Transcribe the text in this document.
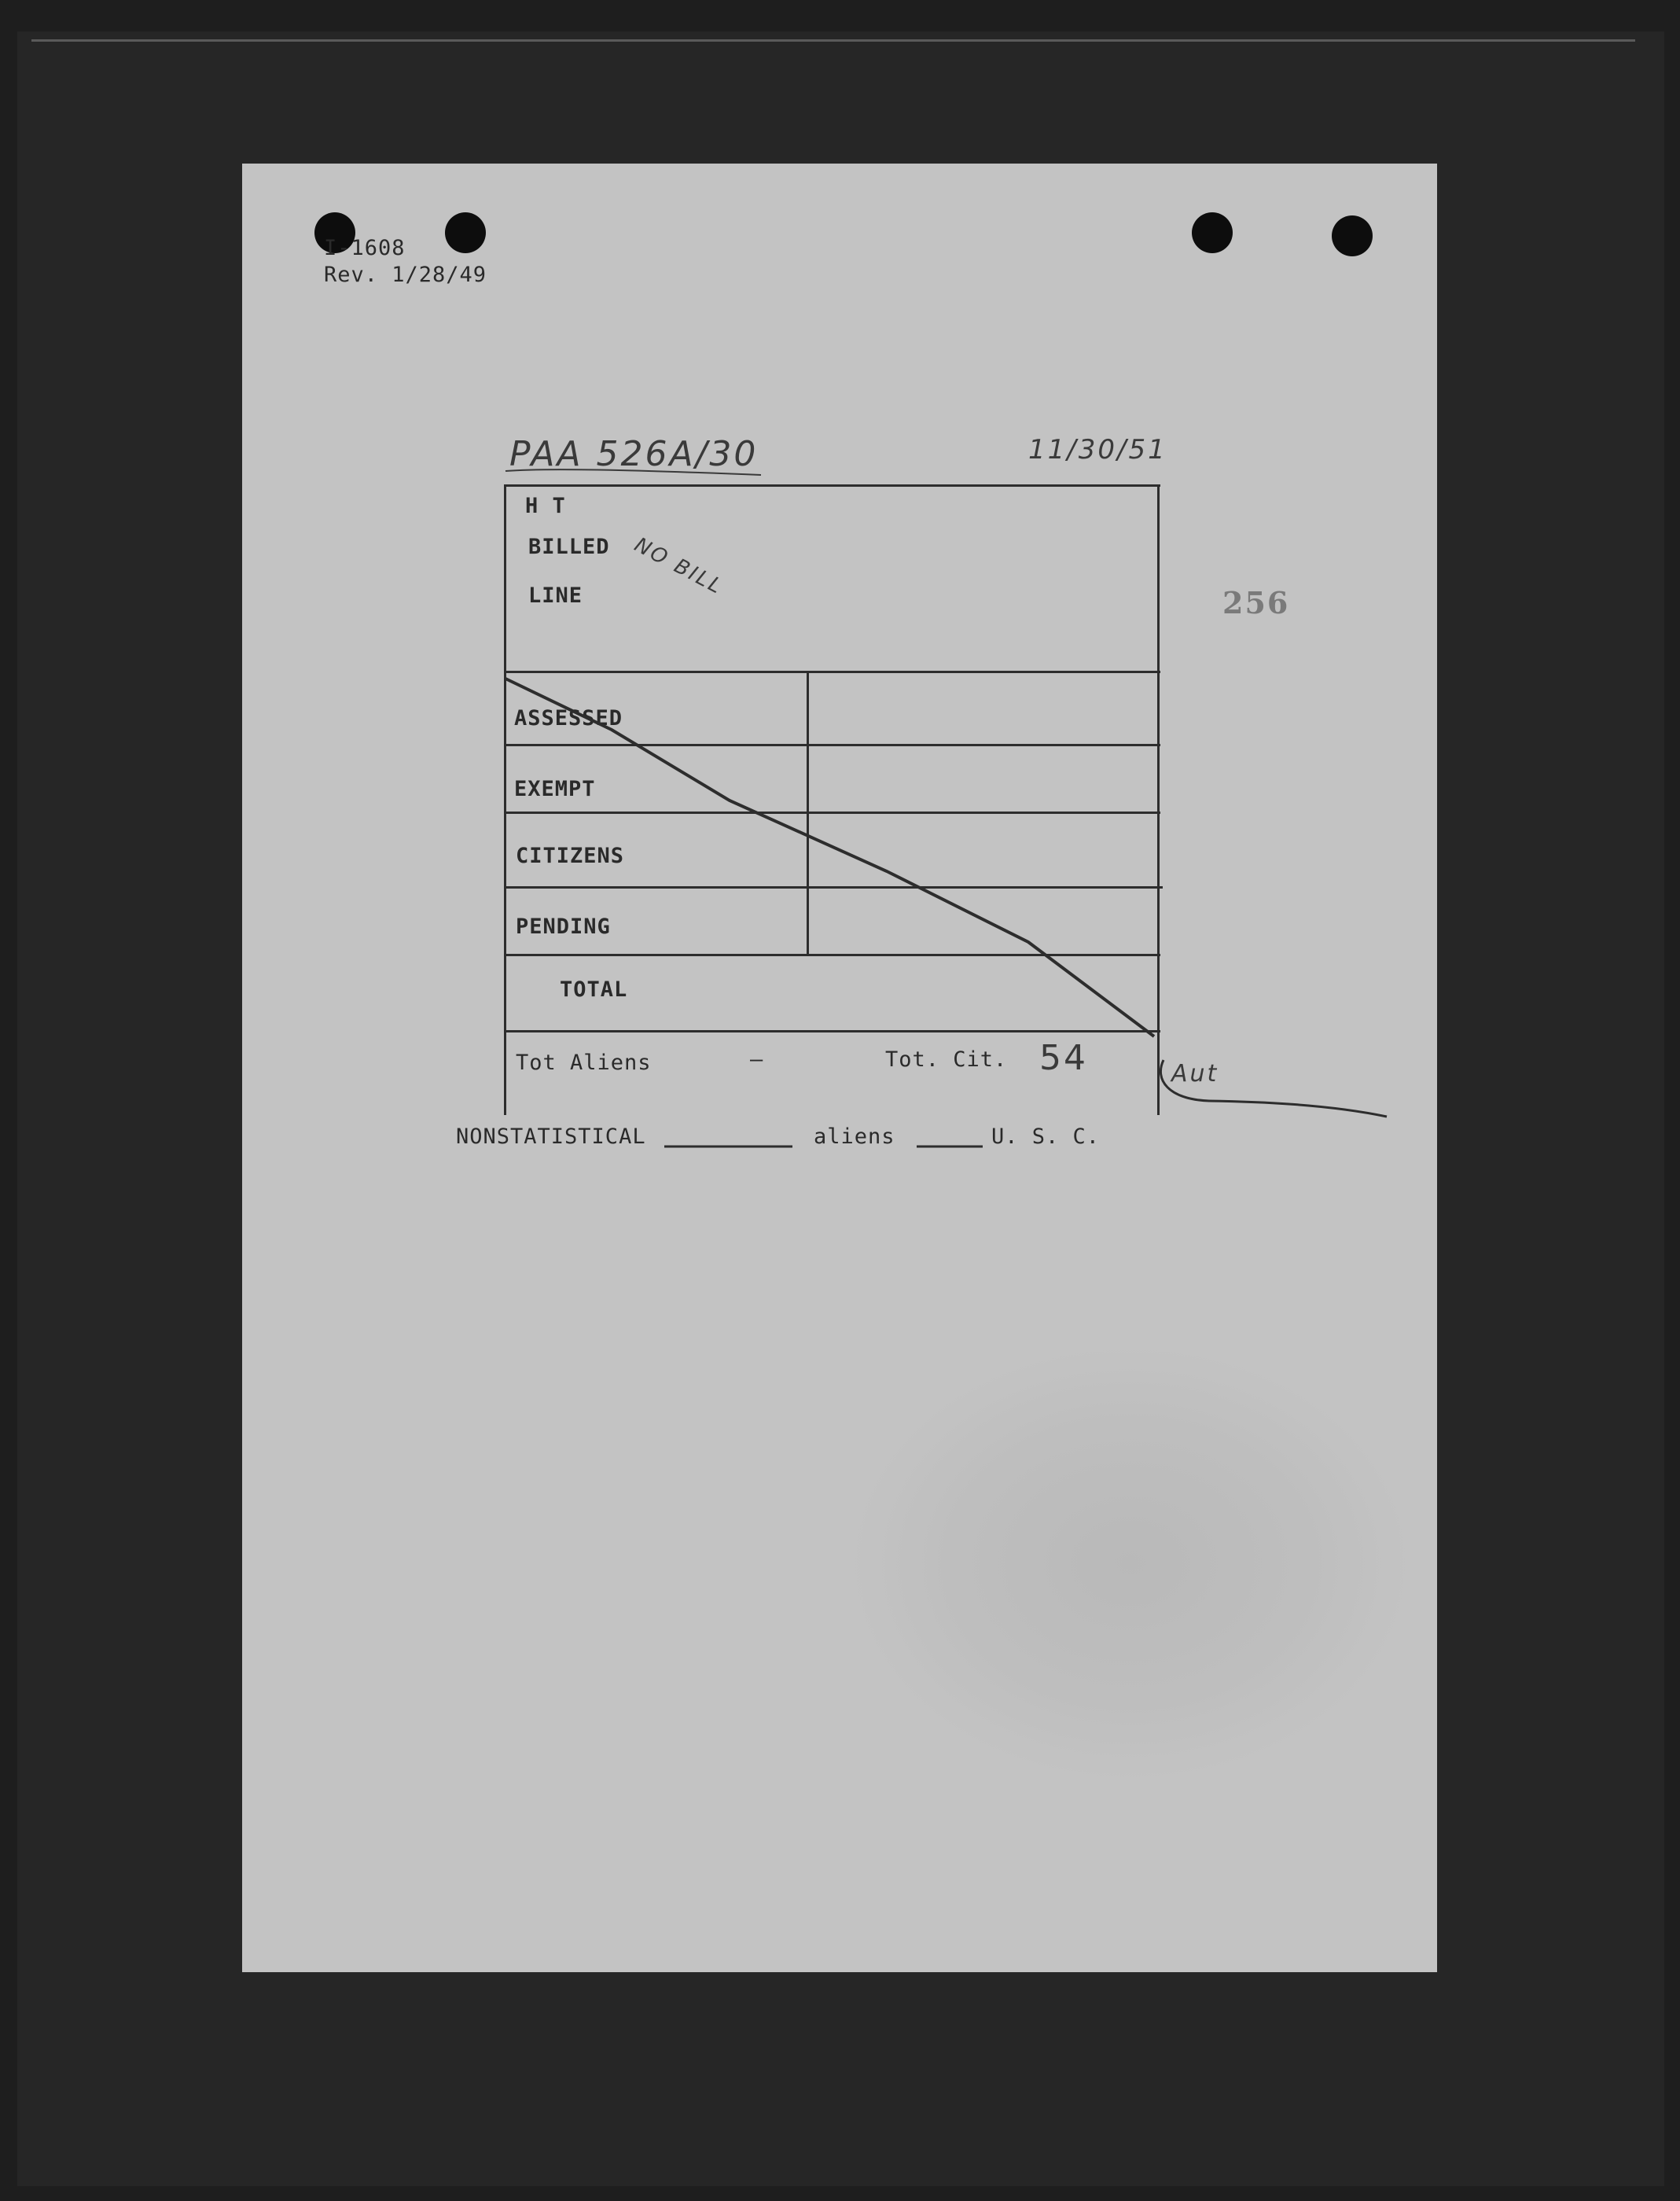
I-1608
Rev. 1/28/49
PAA 526A/30	11/30/51
NO BILL
256
H T
BILLED
LINE
ASSESSED
EXEMPT
CITIZENS
PENDING
TOTAL
Tot Aliens	—	Tot. Cit. 54	Aut
NONSTATISTICAL	aliens	U. S. C.
